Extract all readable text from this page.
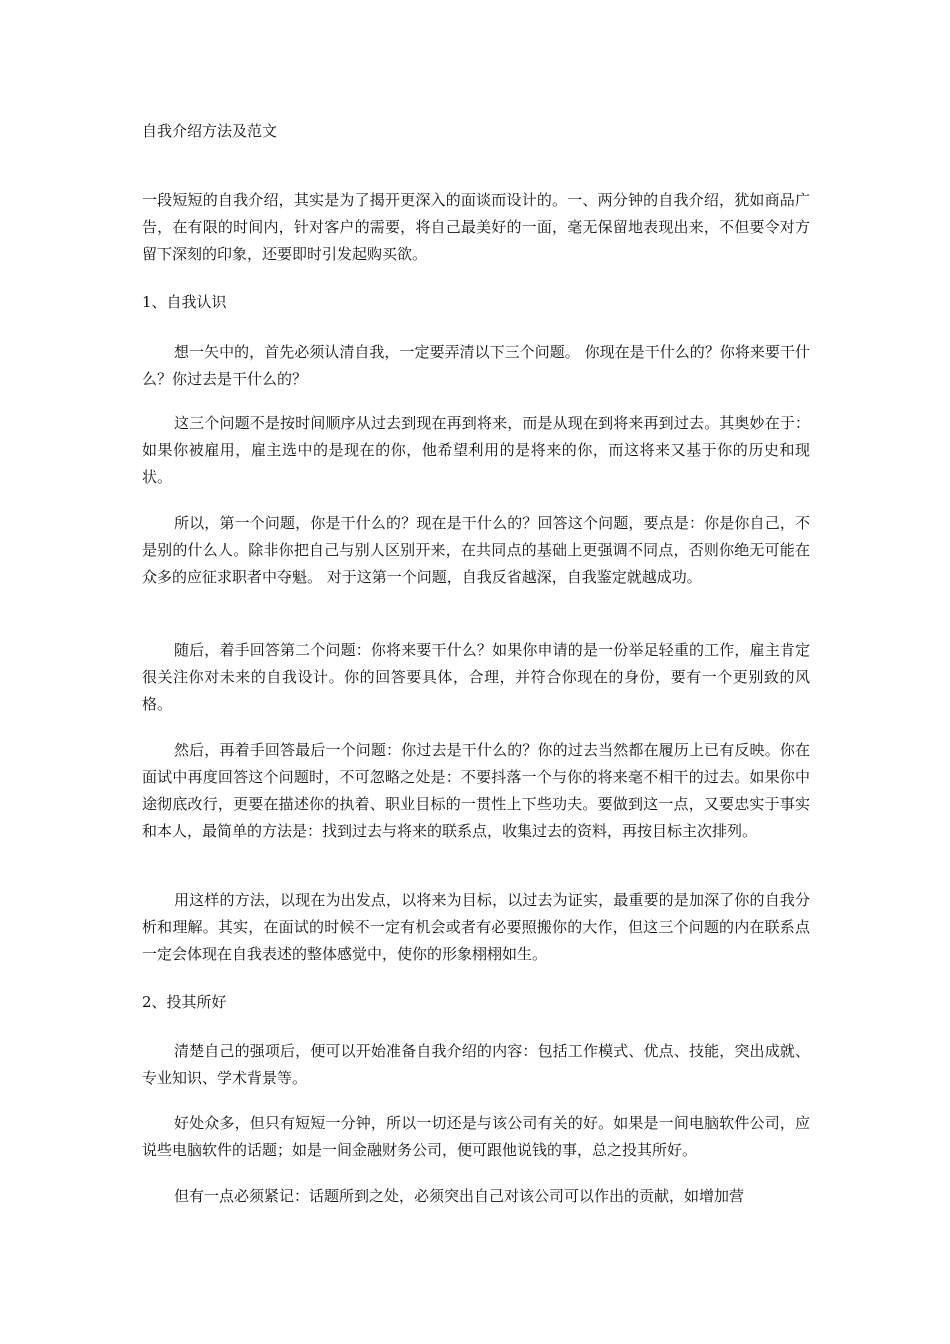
自我介绍方法及范文

一段短短的自我介绍，其实是为了揭开更深入的面谈而设计的。一、两分钟的自我介绍，犹如商品广告，在有限的时间内，针对客户的需要，将自己最美好的一面，毫无保留地表现出来，不但要令对方留下深刻的印象，还要即时引发起购买欲。

1、自我认识

想一矢中的，首先必须认清自我，一定要弄清以下三个问题。 你现在是干什么的？你将来要干什么？你过去是干什么的？

这三个问题不是按时间顺序从过去到现在再到将来，而是从现在到将来再到过去。其奥妙在于：如果你被雇用，雇主选中的是现在的你，他希望利用的是将来的你，而这将来又基于你的历史和现状。

所以，第一个问题，你是干什么的？现在是干什么的？回答这个问题，要点是：你是你自己，不是别的什么人。除非你把自己与别人区别开来，在共同点的基础上更强调不同点，否则你绝无可能在众多的应征求职者中夺魁。 对于这第一个问题，自我反省越深，自我鉴定就越成功。

随后，着手回答第二个问题：你将来要干什么？如果你申请的是一份举足轻重的工作，雇主肯定很关注你对未来的自我设计。你的回答要具体，合理，并符合你现在的身份，要有一个更别致的风格。

然后，再着手回答最后一个问题：你过去是干什么的？你的过去当然都在履历上已有反映。你在面试中再度回答这个问题时，不可忽略之处是：不要抖落一个与你的将来毫不相干的过去。如果你中途彻底改行，更要在描述你的执着、职业目标的一贯性上下些功夫。要做到这一点，又要忠实于事实和本人，最简单的方法是：找到过去与将来的联系点，收集过去的资料，再按目标主次排列。

用这样的方法，以现在为出发点，以将来为目标，以过去为证实，最重要的是加深了你的自我分析和理解。其实，在面试的时候不一定有机会或者有必要照搬你的大作，但这三个问题的内在联系点一定会体现在自我表述的整体感觉中，使你的形象栩栩如生。

2、投其所好

清楚自己的强项后，便可以开始准备自我介绍的内容：包括工作模式、优点、技能，突出成就、专业知识、学术背景等。

好处众多，但只有短短一分钟，所以一切还是与该公司有关的好。如果是一间电脑软件公司，应说些电脑软件的话题；如是一间金融财务公司，便可跟他说钱的事，总之投其所好。

但有一点必须紧记：话题所到之处，必须突出自己对该公司可以作出的贡献，如增加营
